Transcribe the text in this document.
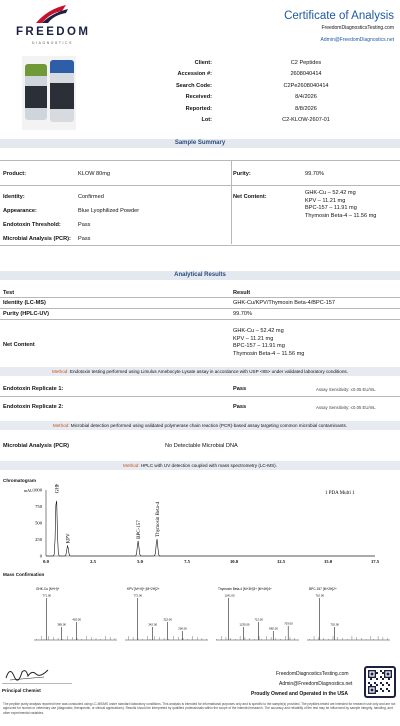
FREEDOM
DIAGNOSTICS
Certificate of Analysis
FreedomDiagnosticsTesting.com
Admin@FreedomDiagnostics.net
Client:	C2 Peptides
Accession #:	2608040414
Search Code:	C2Pe2608040414
Received:	8/4/2026
Reported:	8/8/2026
Lot:	C2-KLOW-2607-01
Sample Summary
Product:	KLOW 80mg	Purity:	99.70%
Identity:	Confirmed	Net Content:
GHK-Cu – 52.42 mg
KPV – 11.21 mg
BPC-157 – 11.91 mg
Thymosin Beta-4 – 11.56 mg
Appearance:	Blue Lyophilized Powder
Endotoxin Threshold:	Pass
Microbial Analysis (PCR): Pass
Analytical Results
Test	Result
Identity (LC-MS)	GHK-Cu/KPV/Thymosin Beta-4/BPC-157
Purity (HPLC-UV)	99.70%
Net Content
GHK-Cu – 52.42 mg
KPV – 11.21 mg
BPC-157 – 11.91 mg
Thymosin Beta-4 – 11.56 mg
Method: Endotoxin testing performed using Limulus Amebocyte Lysate assay in accordance with USP <85> under validated laboratory conditions.
Endotoxin Replicate 1:	Pass	Assay Sensitivity: ≤0.05 EU/mL
Endotoxin Replicate 2:	Pass	Assay Sensitivity: ≤0.05 EU/mL
Method: Microbial detection performed using validated polymerase chain reaction (PCR)-based assay targeting common microbial contaminants.
Microbial Analysis (PCR)	No Detectable Microbial DNA
Method: HPLC with UV detection coupled with mass spectrometry (LC-MS).
Chromatogram
mAU
1 PDA Multi 1
1000
750
500
250
0
0.0	2.5	5.0	7.5	10.0	12.5	15.0	17.5
GHK-Cu
KPV	BPC-157	Thymosin Beta-4
Mass Confirmation
GHK-Cu [M+H]+
771.00
385.00
402.00
KPV [M+H]+ [M+2H]2+
772.00
342.00
322.00
290.00
Thymosin Beta-4 [M+3H]3+ [M+4H]4+
1241.00
1235.00
712.00
882.00
703.00
BPC-157 [M+2H]2+
710.00
702.00
Principal Chemist
FreedomDiagnosticsTesting.com
Admin@FreedomDiagnostics.net
Proudly Owned and Operated in the USA
The peptide purity analysis reported here was conducted using LC-MS/MS under standard laboratory conditions. This analysis is intended for informational purposes only and is specific to the sample(s) provided. The peptides tested are intended for research use only and are not approved for human or veterinary use (diagnostic, therapeutic, or clinical applications). Results should be interpreted by qualified professionals within the scope of the intended research. The accuracy and reliability of the test may be influenced by sample integrity, handling, and other experimental variables.
